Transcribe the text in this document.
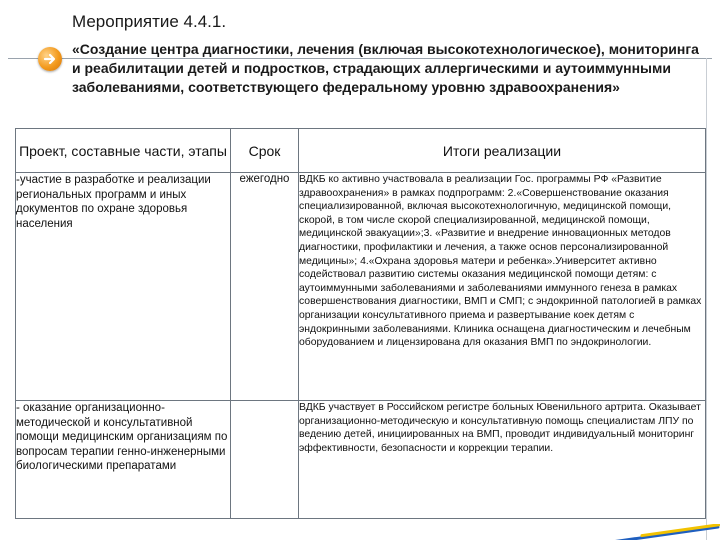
Мероприятие 4.4.1.
«Создание центра диагностики, лечения (включая высокотехнологическое), мониторинга и реабилитации детей и подростков, страдающих аллергическими и аутоиммунными заболеваниями, соответствующего федеральному уровню здравоохранения»
Проект, составные части, этапы	Срок	Итоги реализации
-участие в разработке и реализации региональных программ и иных документов по охране здоровья населения	ежегодно	ВДКБ ко активно участвовала в реализации Гос. программы РФ «Развитие здравоохранения» в рамках подпрограмм: 2.«Совершенствование оказания специализированной, включая высокотехнологичную, медицинской помощи, скорой, в том числе скорой специализированной, медицинской помощи, медицинской эвакуации»;3. «Развитие и внедрение инновационных методов диагностики, профилактики и лечения, а также основ персонализированной медицины»; 4.«Охрана здоровья матери и ребенка».Университет активно содействовал развитию системы оказания медицинской помощи детям: с аутоиммунными заболеваниями и заболеваниями иммунного генеза в рамках совершенствования диагностики, ВМП и СМП; с эндокринной патологией в рамках организации консультативного приема и развертывание коек детям с эндокринными заболеваниями. Клиника оснащена диагностическим и лечебным оборудованием и лицензирована для оказания ВМП по эндокринологии.
- оказание организационно-методической и консультативной помощи медицинским организациям по вопросам терапии генно-инженерными биологическими препаратами		ВДКБ участвует в Российском регистре больных Ювенильного артрита. Оказывает организационно-методическую и консультативную помощь специалистам ЛПУ по ведению детей, инициированных на ВМП, проводит индивидуальный мониторинг эффективности, безопасности и коррекции терапии.
